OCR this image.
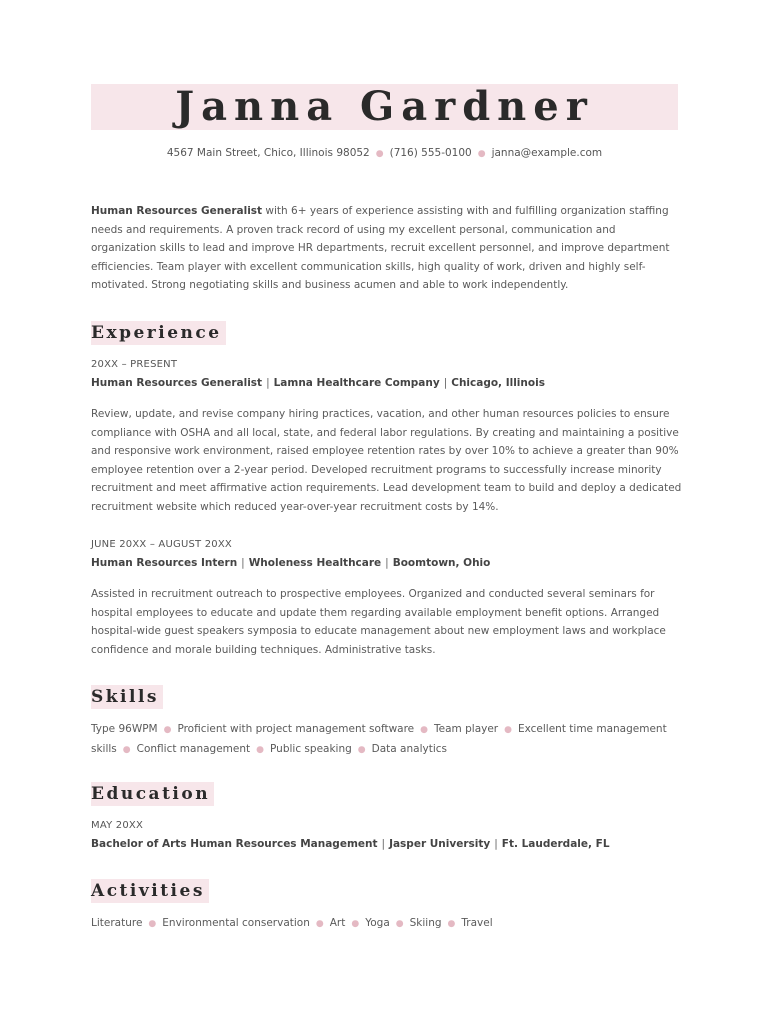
Janna Gardner
4567 Main Street, Chico, Illinois 98052 ● (716) 555-0100 ● janna@example.com
Human Resources Generalist with 6+ years of experience assisting with and fulfilling organization staffing needs and requirements. A proven track record of using my excellent personal, communication and organization skills to lead and improve HR departments, recruit excellent personnel, and improve department efficiencies. Team player with excellent communication skills, high quality of work, driven and highly self-motivated. Strong negotiating skills and business acumen and able to work independently.
Experience
20XX – PRESENT
Human Resources Generalist | Lamna Healthcare Company | Chicago, Illinois
Review, update, and revise company hiring practices, vacation, and other human resources policies to ensure compliance with OSHA and all local, state, and federal labor regulations. By creating and maintaining a positive and responsive work environment, raised employee retention rates by over 10% to achieve a greater than 90% employee retention over a 2-year period. Developed recruitment programs to successfully increase minority recruitment and meet affirmative action requirements. Lead development team to build and deploy a dedicated recruitment website which reduced year-over-year recruitment costs by 14%.
JUNE 20XX – AUGUST 20XX
Human Resources Intern | Wholeness Healthcare | Boomtown, Ohio
Assisted in recruitment outreach to prospective employees. Organized and conducted several seminars for hospital employees to educate and update them regarding available employment benefit options. Arranged hospital-wide guest speakers symposia to educate management about new employment laws and workplace confidence and morale building techniques. Administrative tasks.
Skills
Type 96WPM ● Proficient with project management software ● Team player ● Excellent time management skills ● Conflict management ● Public speaking ● Data analytics
Education
MAY 20XX
Bachelor of Arts Human Resources Management | Jasper University | Ft. Lauderdale, FL
Activities
Literature ● Environmental conservation ● Art ● Yoga ● Skiing ● Travel
